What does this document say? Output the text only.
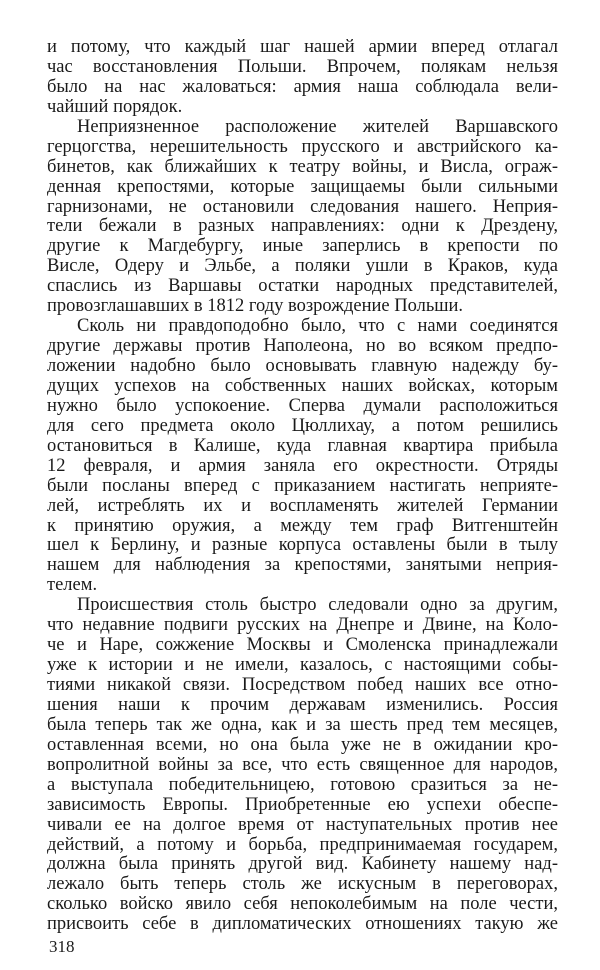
и потому, что каждый шаг нашей армии вперед отлагал
час восстановления Польши. Впрочем, полякам нельзя
было на нас жаловаться: армия наша соблюдала вели-
чайший порядок.
Неприязненное расположение жителей Варшавского
герцогства, нерешительность прусского и австрийского ка-
бинетов, как ближайших к театру войны, и Висла, ограж-
денная крепостями, которые защищаемы были сильными
гарнизонами, не остановили следования нашего. Неприя-
тели бежали в разных направлениях: одни к Дрездену,
другие к Магдебургу, иные заперлись в крепости по
Висле, Одеру и Эльбе, а поляки ушли в Краков, куда
спаслись из Варшавы остатки народных представителей,
провозглашавших в 1812 году возрождение Польши.
Сколь ни правдоподобно было, что с нами соединятся
другие державы против Наполеона, но во всяком предпо-
ложении надобно было основывать главную надежду бу-
дущих успехов на собственных наших войсках, которым
нужно было успокоение. Сперва думали расположиться
для сего предмета около Цюллихау, а потом решились
остановиться в Калише, куда главная квартира прибыла
12 февраля, и армия заняла его окрестности. Отряды
были посланы вперед с приказанием настигать неприяте-
лей, истреблять их и воспламенять жителей Германии
к принятию оружия, а между тем граф Витгенштейн
шел к Берлину, и разные корпуса оставлены были в тылу
нашем для наблюдения за крепостями, занятыми неприя-
телем.
Происшествия столь быстро следовали одно за другим,
что недавние подвиги русских на Днепре и Двине, на Коло-
че и Наре, сожжение Москвы и Смоленска принадлежали
уже к истории и не имели, казалось, с настоящими собы-
тиями никакой связи. Посредством побед наших все отно-
шения наши к прочим державам изменились. Россия
была теперь так же одна, как и за шесть пред тем месяцев,
оставленная всеми, но она была уже не в ожидании кро-
вопролитной войны за все, что есть священное для народов,
а выступала победительницею, готовою сразиться за не-
зависимость Европы. Приобретенные ею успехи обеспе-
чивали ее на долгое время от наступательных против нее
действий, а потому и борьба, предпринимаемая государем,
должна была принять другой вид. Кабинету нашему над-
лежало быть теперь столь же искусным в переговорах,
сколько войско явило себя непоколебимым на поле чести,
присвоить себе в дипломатических отношениях такую же
318
